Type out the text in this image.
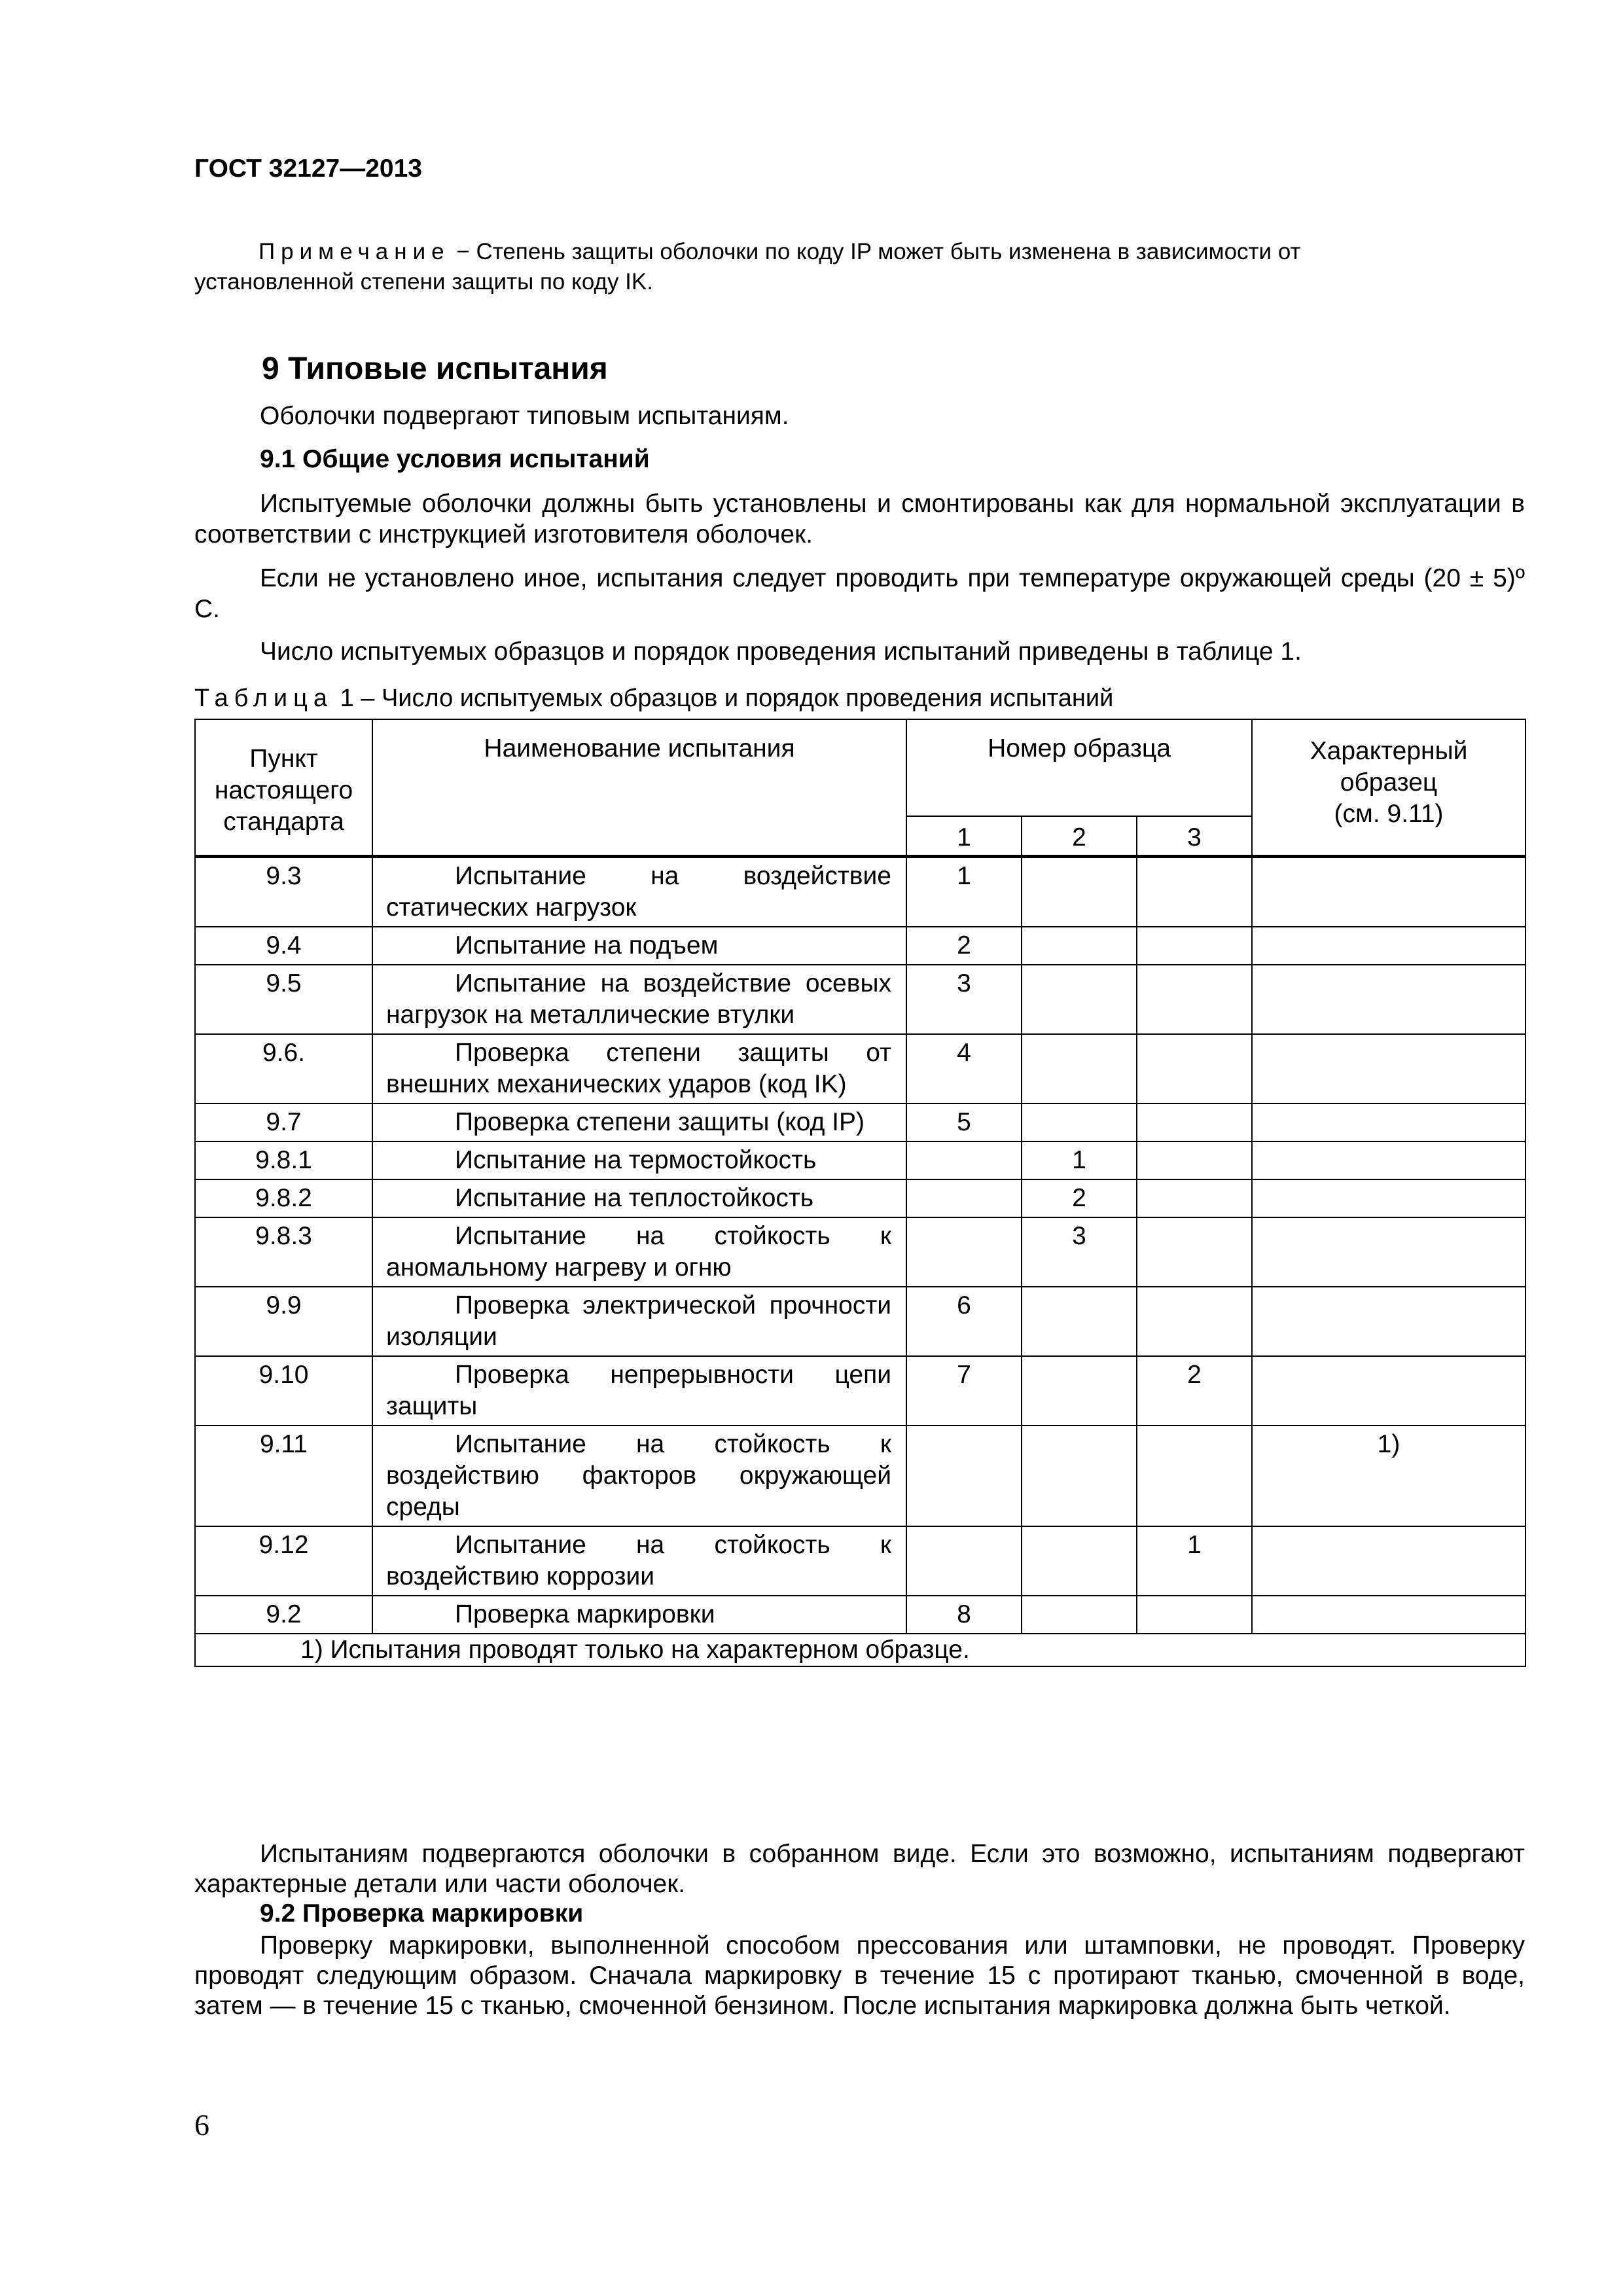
ГОСТ 32127—2013
Примечание − Степень защиты оболочки по коду IP может быть изменена в зависимости от
установленной степени защиты по коду IK.
9 Типовые испытания
Оболочки подвергают типовым испытаниям.
9.1 Общие условия испытаний
Испытуемые оболочки должны быть установлены и смонтированы как для нормальной эксплуатации в соответствии с инструкцией изготовителя оболочек.
Если не установлено иное, испытания следует проводить при температуре окружающей среды (20 ± 5)º С.
Число испытуемых образцов и порядок проведения испытаний приведены в таблице 1.
Таблица 1 – Число испытуемых образцов и порядок проведения испытаний
Пункт настоящего стандарта	Наименование испытания	Номер образца			Характерный образец
(см. 9.11)

		1	2	3	
9.3	Испытание на воздействие статических нагрузок	1			
9.4	Испытание на подъем	2			
9.5	Испытание на воздействие осевых нагрузок на металлические втулки	3			
9.6.	Проверка степени защиты от внешних механических ударов (код IK)	4			
9.7	Проверка степени защиты (код IP)	5			
9.8.1	Испытание на термостойкость		1		
9.8.2	Испытание на теплостойкость		2		
9.8.3	Испытание на стойкость к аномальному нагреву и огню		3		
9.9	Проверка электрической прочности изоляции	6			
9.10	Проверка непрерывности цепи защиты	7		2	
9.11	Испытание на стойкость к воздействию факторов окружающей среды				1)
9.12	Испытание на стойкость к воздействию коррозии			1	
9.2	Проверка маркировки	8			
1) Испытания проводят только на характерном образце.					
Испытаниям подвергаются оболочки в собранном виде. Если это возможно, испытаниям подвергают характерные детали или части оболочек.
9.2 Проверка маркировки
Проверку маркировки, выполненной способом прессования или штамповки, не проводят. Проверку проводят следующим образом. Сначала маркировку в течение 15 с протирают тканью, смоченной в воде, затем — в течение 15 с тканью, смоченной бензином. После испытания маркировка должна быть четкой.
6
